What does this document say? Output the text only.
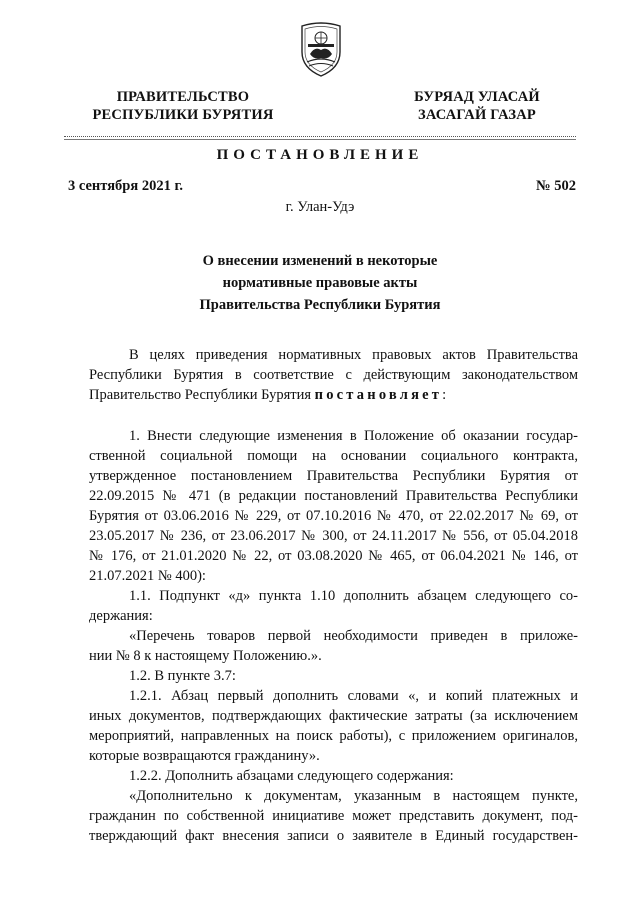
ПРАВИТЕЛЬСТВО
РЕСПУБЛИКИ БУРЯТИЯ
БУРЯАД УЛАСАЙ
ЗАСАГАЙ ГАЗАР
ПОСТАНОВЛЕНИЕ
3 сентября 2021 г.	№ 502
г. Улан-Удэ
О внесении изменений в некоторые
нормативные правовые акты
Правительства Республики Бурятия
В целях приведения нормативных правовых актов Правительства
Республики Бурятия в соответствие с действующим законодательством
Правительство Республики Бурятия постановляет:
1. Внести следующие изменения в Положение об оказании государ-
ственной социальной помощи на основании социального контракта,
утвержденное постановлением Правительства Республики Бурятия от
22.09.2015 № 471 (в редакции постановлений Правительства Республики
Бурятия от 03.06.2016 № 229, от 07.10.2016 № 470, от 22.02.2017 № 69, от
23.05.2017 № 236, от 23.06.2017 № 300, от 24.11.2017 № 556, от 05.04.2018
№ 176, от 21.01.2020 № 22, от 03.08.2020 № 465, от 06.04.2021 № 146, от
21.07.2021 № 400):
1.1. Подпункт «д» пункта 1.10 дополнить абзацем следующего со-
держания:
«Перечень товаров первой необходимости приведен в приложе-
нии № 8 к настоящему Положению.».
1.2. В пункте 3.7:
1.2.1. Абзац первый дополнить словами «, и копий платежных и
иных документов, подтверждающих фактические затраты (за исключением
мероприятий, направленных на поиск работы), с приложением оригиналов,
которые возвращаются гражданину».
1.2.2. Дополнить абзацами следующего содержания:
«Дополнительно к документам, указанным в настоящем пункте,
гражданин по собственной инициативе может представить документ, под-
тверждающий факт внесения записи о заявителе в Единый государствен-
